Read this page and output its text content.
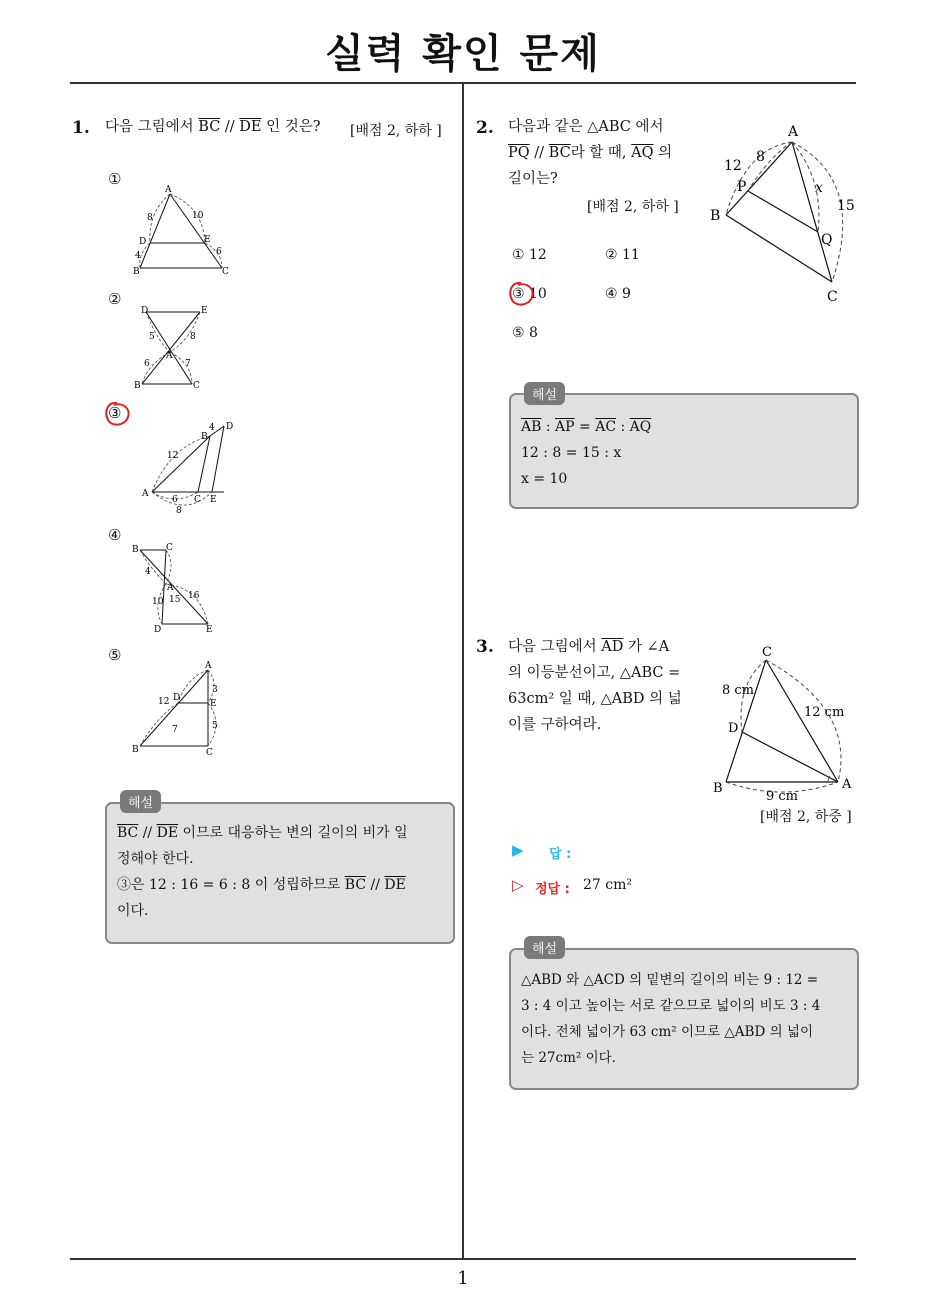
실력 확인 문제
1
1. 다음 그림에서 $\overline{BC} // \overline{DE}$ 인 것은? [배점 2, 하하 ]
①
②
③
④
⑤
A
D	E
B	C
8	10
4	6
D	E
A
B	C
5	8
6	7
A
B
D
C E
12
4
6
8
B	C
A
D	E
4
15 16
10
A
D
E
B	C
12
3
7	5
해설
$\overline{BC} // \overline{DE}$ 이므로 대응하는 변의 길이의 비가 일
정해야 한다.
③은 12 : 16 = 6 : 8 이 성립하므로 $\overline{BC} // \overline{DE}$
이다.
2. 다음과 같은 △ABC 에서
$\overline{PQ} // \overline{BC}$라 할 때, $\overline{AQ}$ 의
길이는?
[배점 2, 하하 ]
① 12	② 11
③ 10	④ 9
⑤ 8
A
B
C
P
Q
12
8
x
15
해설
$\overline{AB}$ : $\overline{AP} = \overline{AC}$ : $\overline{AQ}$
12 : 8 = 15 : x
x = 10
3. 다음 그림에서 $\overline{AD}$ 가 ∠A
의 이등분선이고, △ABC =
63cm² 일 때, △ABD 의 넓
이를 구하여라.
C
D
B	A
8 cm
12 cm
9 cm
[배점 2, 하중 ]
▶ 답 :
▷ 정답 : 27 cm²
해설
△ABD 와 △ACD 의 밑변의 길이의 비는 9 : 12 =
3 : 4 이고 높이는 서로 같으므로 넓이의 비도 3 : 4
이다. 전체 넓이가 63 cm² 이므로 △ABD 의 넓이
는 27cm² 이다.
